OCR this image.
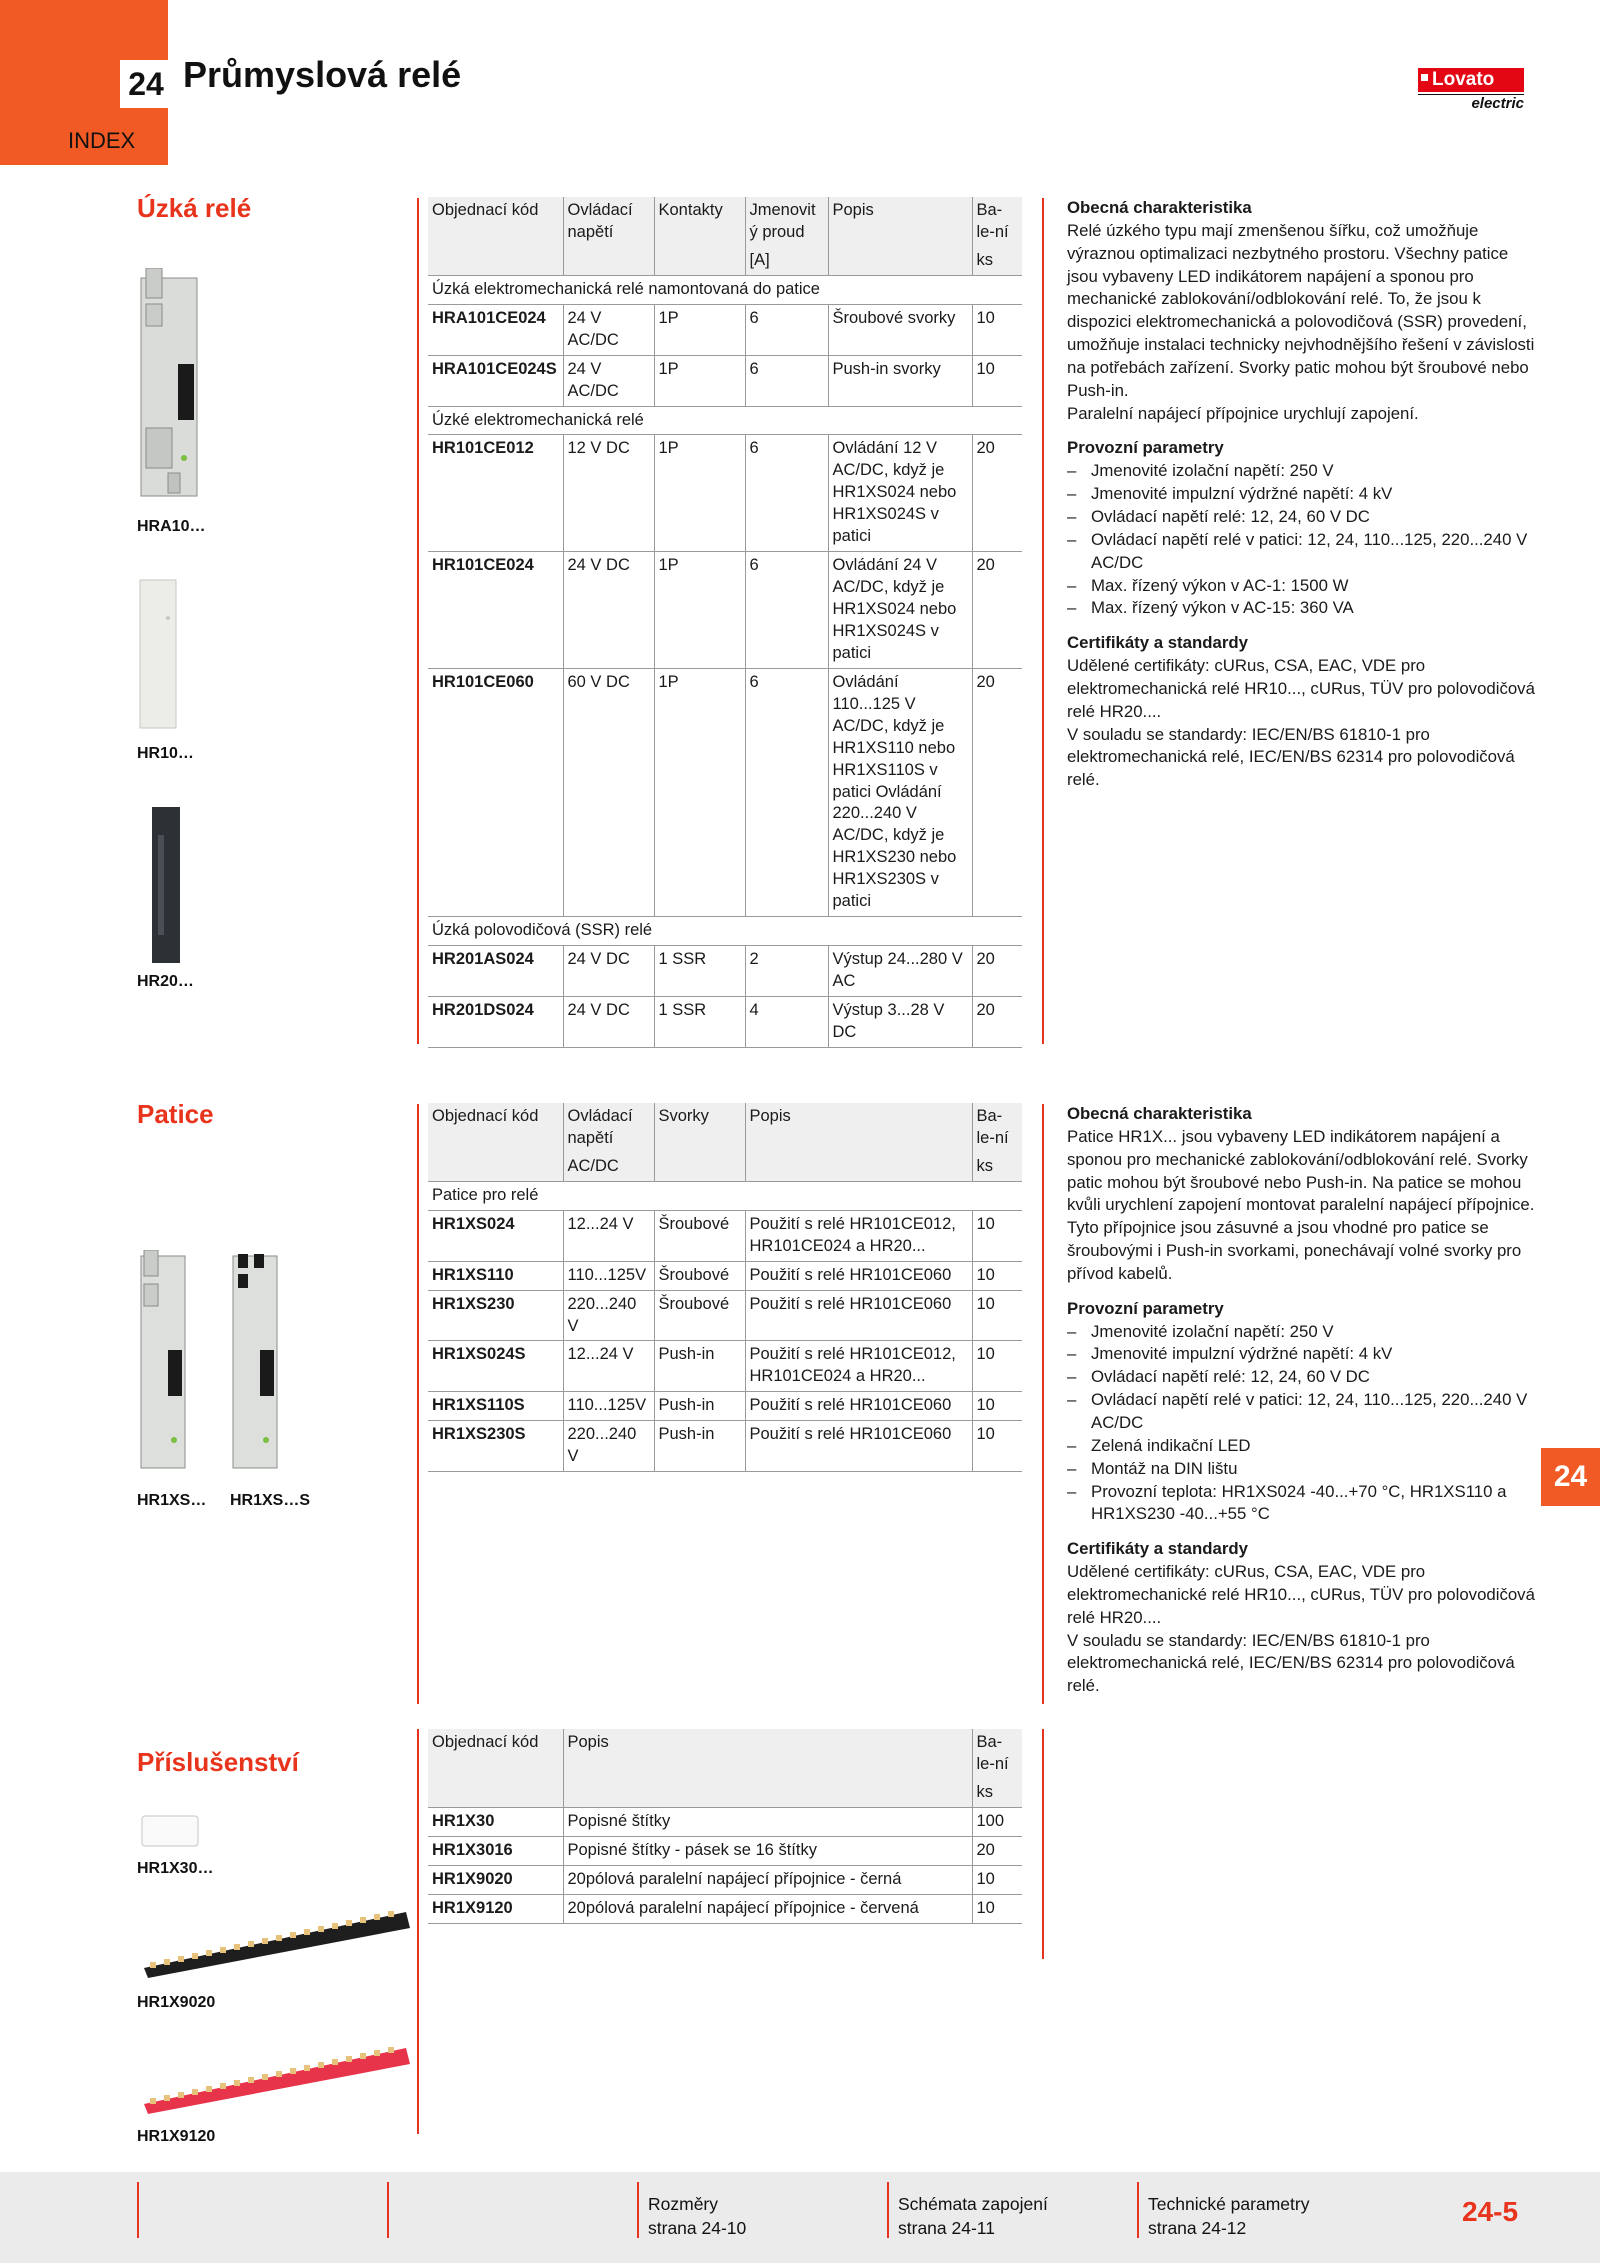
24 Průmyslová relé
INDEX
Lovato
electric
Úzká relé
HRA10…
HR10…
HR20…
Objednací kód	Ovládací napětí	Kontakty	Jmenovitý proud	Popis	Ba-le-ní
			[A]		ks
Úzká elektromechanická relé namontovaná do patice					
HRA101CE024	24 V AC/DC	1P	6	Šroubové svorky	10
HRA101CE024S	24 V AC/DC	1P	6	Push-in svorky	10
Úzké elektromechanická relé					
HR101CE012	12 V DC	1P	6	Ovládání 12 V AC/DC, když je HR1XS024 nebo HR1XS024S v patici	20
HR101CE024	24 V DC	1P	6	Ovládání 24 V AC/DC, když je HR1XS024 nebo HR1XS024S v patici	20
HR101CE060	60 V DC	1P	6	Ovládání 110...125 V AC/DC, když je HR1XS110 nebo HR1XS110S v patici Ovládání 220...240 V AC/DC, když je HR1XS230 nebo HR1XS230S v patici	20
Úzká polovodičová (SSR) relé					
HR201AS024	24 V DC	1 SSR	2	Výstup 24...280 V AC	20
HR201DS024	24 V DC	1 SSR	4	Výstup 3...28 V DC	20
Obecná charakteristika
Relé úzkého typu mají zmenšenou šířku, což umožňuje výraznou optimalizaci nezbytného prostoru. Všechny patice jsou vybaveny LED indikátorem napájení a sponou pro mechanické zablokování/odblokování relé. To, že jsou k dispozici elektromechanická a polovodičová (SSR) provedení, umožňuje instalaci technicky nejvhodnějšího řešení v závislosti na potřebách zařízení. Svorky patic mohou být šroubové nebo Push-in.
Paralelní napájecí přípojnice urychlují zapojení.
Provozní parametry
– Jmenovité izolační napětí: 250 V
– Jmenovité impulzní výdržné napětí: 4 kV
– Ovládací napětí relé: 12, 24, 60 V DC
– Ovládací napětí relé v patici: 12, 24, 110...125, 220...240 V AC/DC
– Max. řízený výkon v AC-1: 1500 W
– Max. řízený výkon v AC-15: 360 VA
Certifikáty a standardy
Udělené certifikáty: cURus, CSA, EAC, VDE pro elektromechanická relé HR10..., cURus, TÜV pro polovodičová relé HR20....
V souladu se standardy: IEC/EN/BS 61810-1 pro elektromechanická relé, IEC/EN/BS 62314 pro polovodičová relé.
Patice
HR1XS… HR1XS…S
Objednací kód	Ovládací napětí	Svorky	Popis	Ba-le-ní
	AC/DC			ks
Patice pro relé				
HR1XS024	12...24 V	Šroubové	Použití s relé HR101CE012, HR101CE024 a HR20...	10
HR1XS110	110...125V	Šroubové	Použití s relé HR101CE060	10
HR1XS230	220...240 V	Šroubové	Použití s relé HR101CE060	10
HR1XS024S	12...24 V	Push-in	Použití s relé HR101CE012, HR101CE024 a HR20...	10
HR1XS110S	110...125V	Push-in	Použití s relé HR101CE060	10
HR1XS230S	220...240 V	Push-in	Použití s relé HR101CE060	10
Obecná charakteristika
Patice HR1X... jsou vybaveny LED indikátorem napájení a sponou pro mechanické zablokování/odblokování relé. Svorky patic mohou být šroubové nebo Push-in. Na patice se mohou kvůli urychlení zapojení montovat paralelní napájecí přípojnice. Tyto přípojnice jsou zásuvné a jsou vhodné pro patice se šroubovými i Push-in svorkami, ponechávají volné svorky pro přívod kabelů.
Provozní parametry
– Jmenovité izolační napětí: 250 V
– Jmenovité impulzní výdržné napětí: 4 kV
– Ovládací napětí relé: 12, 24, 60 V DC
– Ovládací napětí relé v patici: 12, 24, 110...125, 220...240 V AC/DC
– Zelená indikační LED
– Montáž na DIN lištu
– Provozní teplota: HR1XS024 -40...+70 °C, HR1XS110 a HR1XS230 -40...+55 °C
Certifikáty a standardy
Udělené certifikáty: cURus, CSA, EAC, VDE pro elektromechanické relé HR10..., cURus, TÜV pro polovodičová relé HR20....
V souladu se standardy: IEC/EN/BS 61810-1 pro elektromechanická relé, IEC/EN/BS 62314 pro polovodičová relé.
24
Příslušenství
HR1X30…
HR1X9020
HR1X9120
Objednací kód	Popis	Ba-le-ní
		ks
HR1X30	Popisné štítky	100
HR1X3016	Popisné štítky - pásek se 16 štítky	20
HR1X9020	20pólová paralelní napájecí přípojnice - černá	10
HR1X9120	20pólová paralelní napájecí přípojnice - červená	10
Rozměry
strana 24-10
Schémata zapojení
strana 24-11
Technické parametry
strana 24-12
24-5
